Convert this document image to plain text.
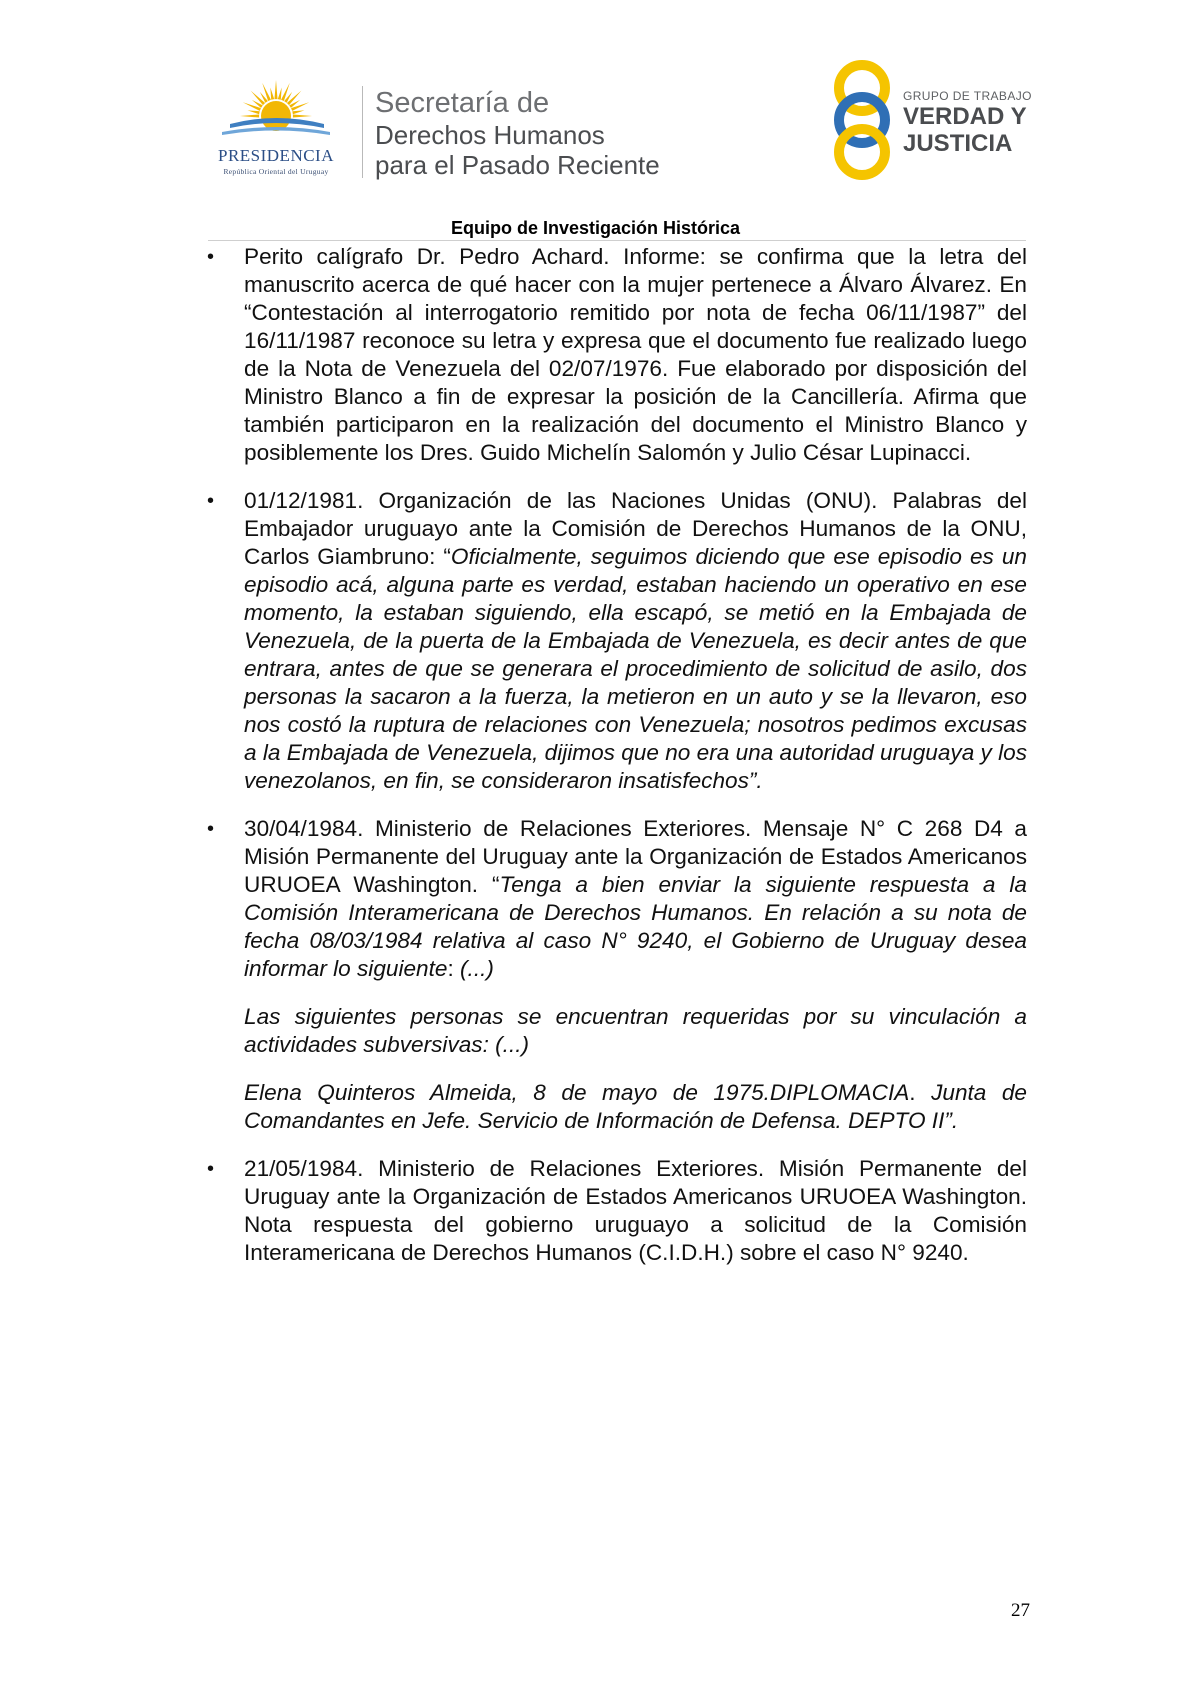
PRESIDENCIA
República Oriental del Uruguay
Secretaría de
Derechos Humanos
para el Pasado Reciente
GRUPO DE TRABAJO
VERDAD Y
JUSTICIA
Equipo de Investigación Histórica
• Perito calígrafo Dr. Pedro Achard. Informe: se confirma que la letra del manuscrito acerca de qué hacer con la mujer pertenece a Álvaro Álvarez. En “Contestación al interrogatorio remitido por nota de fecha 06/11/1987” del 16/11/1987 reconoce su letra y expresa que el documento fue realizado luego de la Nota de Venezuela del 02/07/1976. Fue elaborado por disposición del Ministro Blanco a fin de expresar la posición de la Cancillería. Afirma que también participaron en la realización del documento el Ministro Blanco y posiblemente los Dres. Guido Michelín Salomón y Julio César Lupinacci.

• 01/12/1981. Organización de las Naciones Unidas (ONU). Palabras del Embajador uruguayo ante la Comisión de Derechos Humanos de la ONU, Carlos Giambruno: “Oficialmente, seguimos diciendo que ese episodio es un episodio acá, alguna parte es verdad, estaban haciendo un operativo en ese momento, la estaban siguiendo, ella escapó, se metió en la Embajada de Venezuela, de la puerta de la Embajada de Venezuela, es decir antes de que entrara, antes de que se generara el procedimiento de solicitud de asilo, dos personas la sacaron a la fuerza, la metieron en un auto y se la llevaron, eso nos costó la ruptura de relaciones con Venezuela; nosotros pedimos excusas a la Embajada de Venezuela, dijimos que no era una autoridad uruguaya y los venezolanos, en fin, se consideraron insatisfechos”.

• 30/04/1984. Ministerio de Relaciones Exteriores. Mensaje N° C 268 D4 a Misión Permanente del Uruguay ante la Organización de Estados Americanos URUOEA Washington. “Tenga a bien enviar la siguiente respuesta a la Comisión Interamericana de Derechos Humanos. En relación a su nota de fecha 08/03/1984 relativa al caso N° 9240, el Gobierno de Uruguay desea informar lo siguiente: (...)

Las siguientes personas se encuentran requeridas por su vinculación a actividades subversivas: (...)

Elena Quinteros Almeida, 8 de mayo de 1975.DIPLOMACIA. Junta de Comandantes en Jefe. Servicio de Información de Defensa. DEPTO II”.

• 21/05/1984. Ministerio de Relaciones Exteriores. Misión Permanente del Uruguay ante la Organización de Estados Americanos URUOEA Washington. Nota respuesta del gobierno uruguayo a solicitud de la Comisión Interamericana de Derechos Humanos (C.I.D.H.) sobre el caso N° 9240.

27
